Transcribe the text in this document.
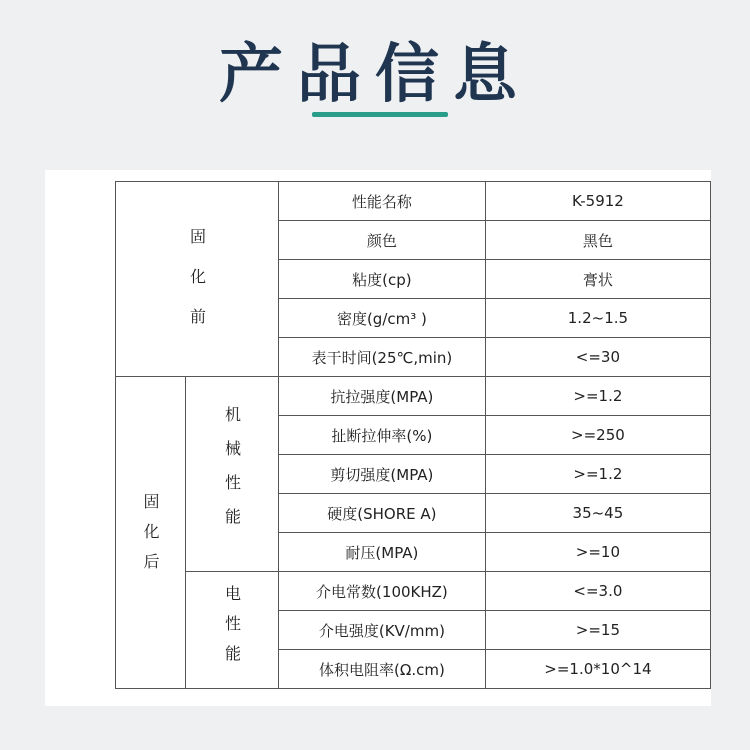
产品信息
固化前		性能名称	K-5912
		颜色	黑色
		粘度(cp)	膏状
		密度(g/cm³ )	1.2~1.5
		表干时间(25℃,min)	<=30
固化后	机械性能	抗拉强度(MPA)	>=1.2
		扯断拉伸率(%)	>=250
		剪切强度(MPA)	>=1.2
		硬度(SHORE A)	35~45
		耐压(MPA)	>=10
	电性能	介电常数(100KHZ)	<=3.0
		介电强度(KV/mm)	>=15
		体积电阻率(Ω.cm)	>=1.0*10^14
